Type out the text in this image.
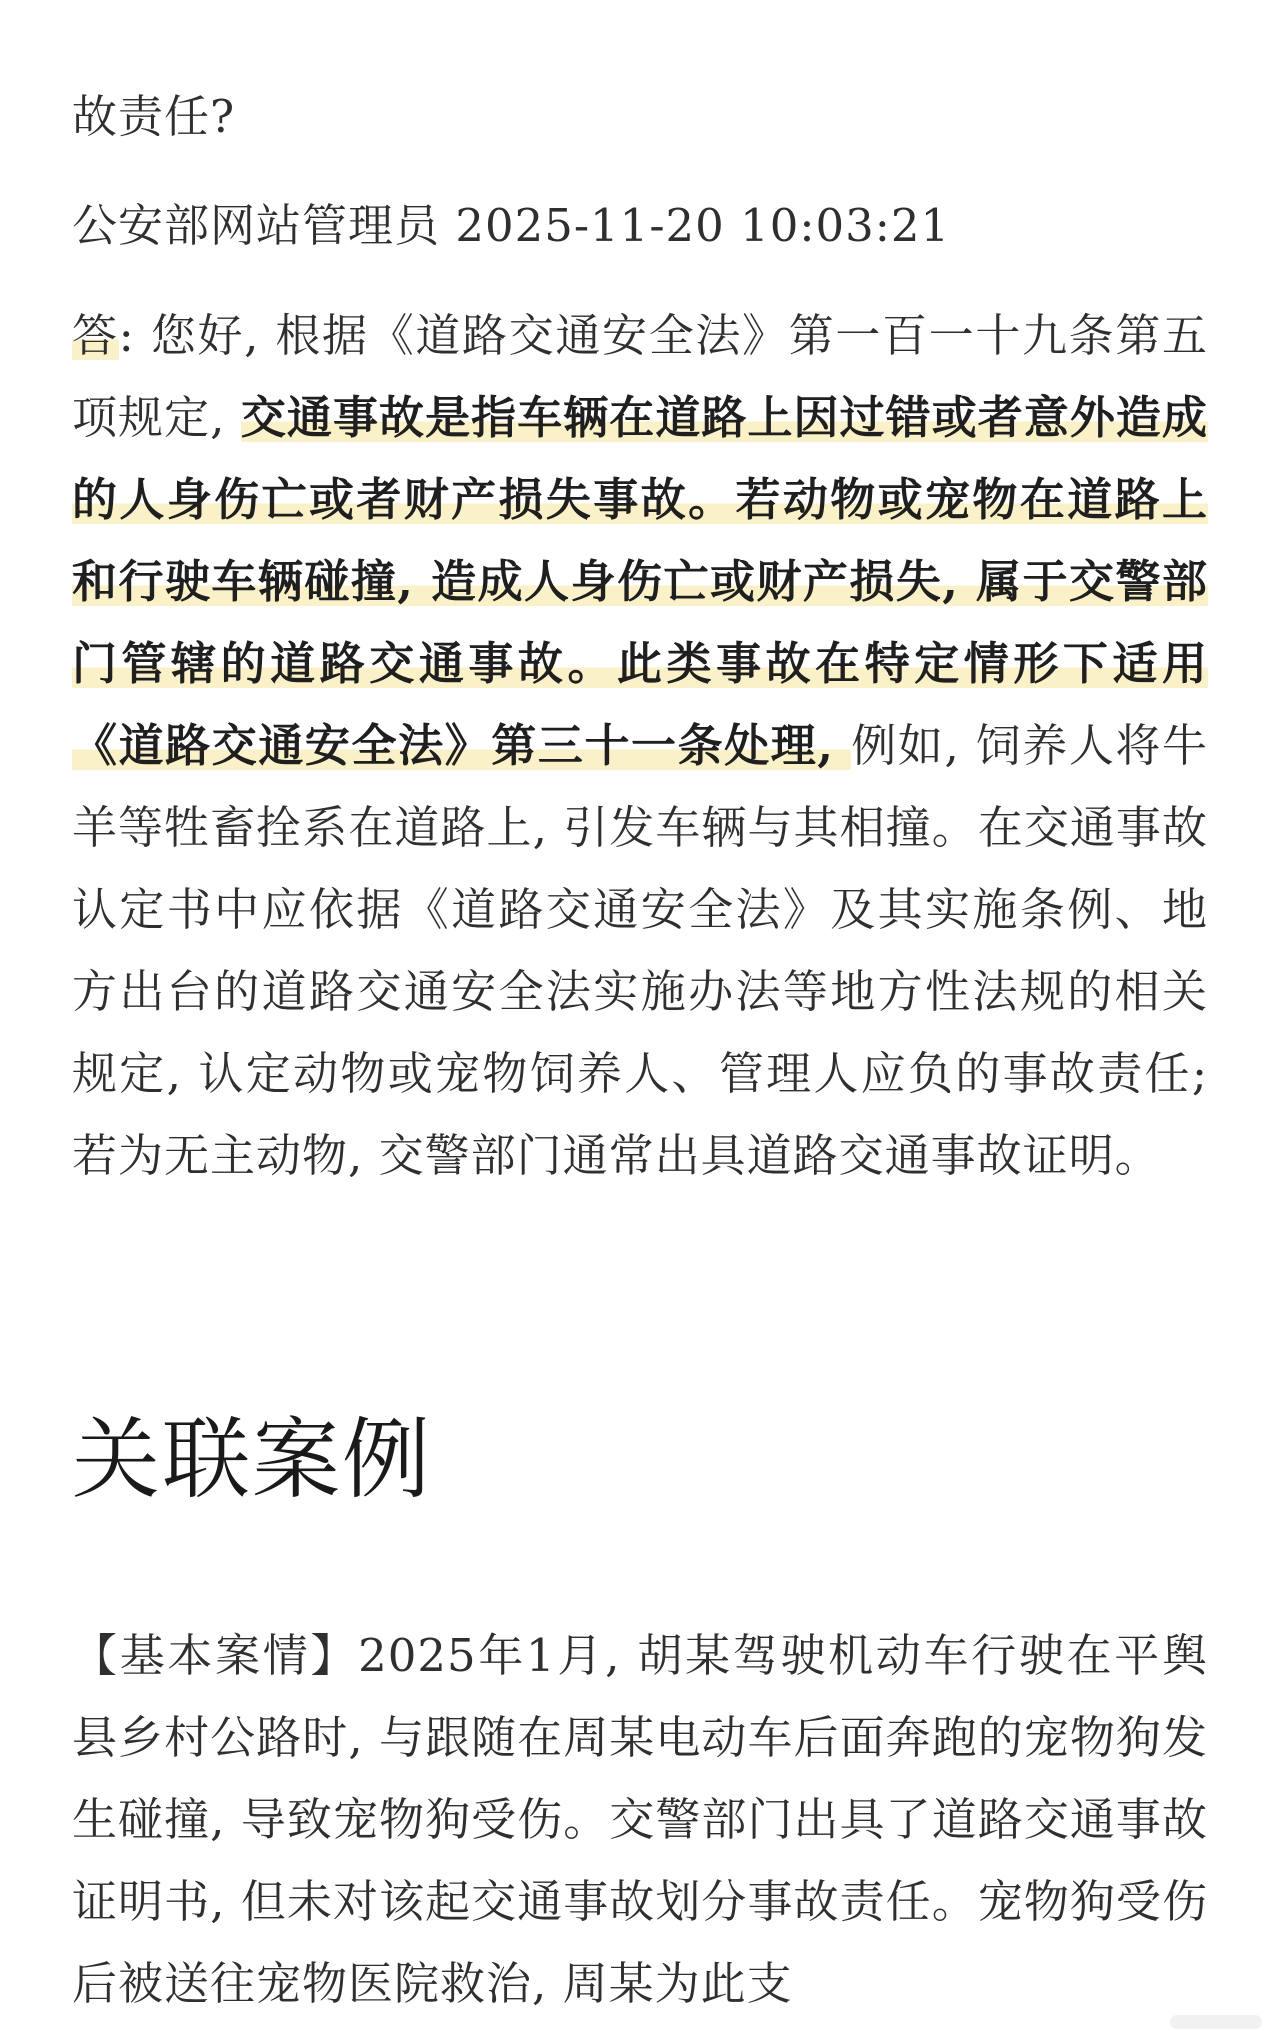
故责任?

公安部网站管理员 2025-11-20 10:03:21

答: 您好, 根据《道路交通安全法》第一百一十九条第五项规定, 交通事故是指车辆在道路上因过错或者意外造成的人身伤亡或者财产损失事故。若动物或宠物在道路上和行驶车辆碰撞, 造成人身伤亡或财产损失, 属于交警部门管辖的道路交通事故。此类事故在特定情形下适用《道路交通安全法》第三十一条处理, 例如, 饲养人将牛羊等牲畜拴系在道路上, 引发车辆与其相撞。在交通事故认定书中应依据《道路交通安全法》及其实施条例、地方出台的道路交通安全法实施办法等地方性法规的相关规定, 认定动物或宠物饲养人、管理人应负的事故责任; 若为无主动物, 交警部门通常出具道路交通事故证明。

关联案例

【基本案情】2025年1月, 胡某驾驶机动车行驶在平舆县乡村公路时, 与跟随在周某电动车后面奔跑的宠物狗发生碰撞, 导致宠物狗受伤。交警部门出具了道路交通事故证明书, 但未对该起交通事故划分事故责任。宠物狗受伤后被送往宠物医院救治, 周某为此支
